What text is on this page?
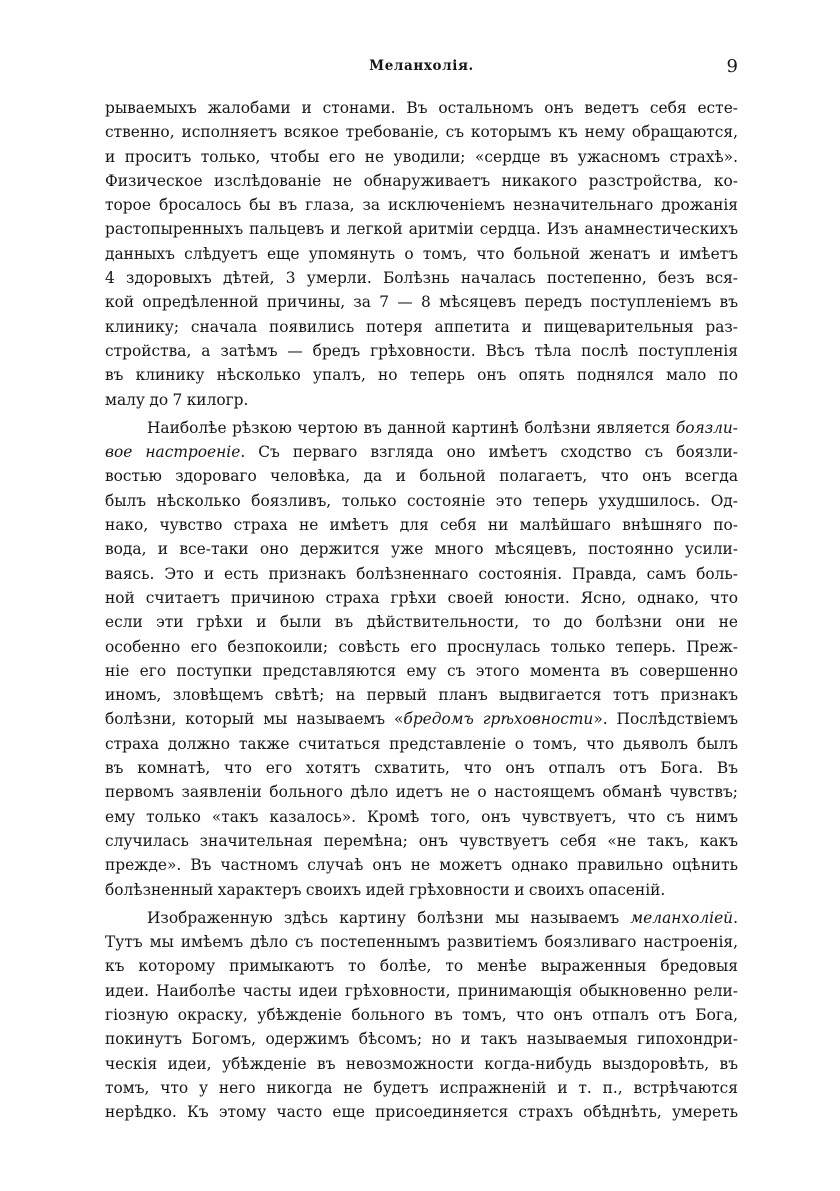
Меланхолія.	9

рываемыхъ жалобами и стонами. Въ остальномъ онъ ведетъ себя есте-
ственно, исполняетъ всякое требованіе, съ которымъ къ нему обращаются,
и проситъ только, чтобы его не уводили; «сердце въ ужасномъ страхѣ».
Физическое изслѣдованіе не обнаруживаетъ никакого разстройства, ко-
торое бросалось бы въ глаза, за исключеніемъ незначительнаго дрожанія
растопыренныхъ пальцевъ и легкой аритміи сердца. Изъ анамнестическихъ
данныхъ слѣдуетъ еще упомянуть о томъ, что больной женатъ и имѣетъ
4 здоровыхъ дѣтей, 3 умерли. Болѣзнь началась постепенно, безъ вся-
кой опредѣленной причины, за 7 — 8 мѣсяцевъ передъ поступленіемъ въ
клинику; сначала появились потеря аппетита и пищеварительныя раз-
стройства, а затѣмъ — бредъ грѣховности. Вѣсъ тѣла послѣ поступленія
въ клинику нѣсколько упалъ, но теперь онъ опять поднялся мало по
малу до 7 килогр.

Наиболѣе рѣзкою чертою въ данной картинѣ болѣзни является боязли-
вое настроеніе. Съ перваго взгляда оно имѣетъ сходство съ боязли-
востью здороваго человѣка, да и больной полагаетъ, что онъ всегда
былъ нѣсколько боязливъ, только состояніе это теперь ухудшилось. Од-
нако, чувство страха не имѣетъ для себя ни малѣйшаго внѣшняго по-
вода, и все-таки оно держится уже много мѣсяцевъ, постоянно усили-
ваясь. Это и есть признакъ болѣзненнаго состоянія. Правда, самъ боль-
ной считаетъ причиною страха грѣхи своей юности. Ясно, однако, что
если эти грѣхи и были въ дѣйствительности, то до болѣзни они не
особенно его безпокоили; совѣсть его проснулась только теперь. Преж-
ніе его поступки представляются ему съ этого момента въ совершенно
иномъ, зловѣщемъ свѣтѣ; на первый планъ выдвигается тотъ признакъ
болѣзни, который мы называемъ «бредомъ грѣховности». Послѣдствіемъ
страха должно также считаться представленіе о томъ, что дьяволъ былъ
въ комнатѣ, что его хотятъ схватить, что онъ отпалъ отъ Бога. Въ
первомъ заявленіи больного дѣло идетъ не о настоящемъ обманѣ чувствъ;
ему только «такъ казалось». Кромѣ того, онъ чувствуетъ, что съ нимъ
случилась значительная перемѣна; онъ чувствуетъ себя «не такъ, какъ
прежде». Въ частномъ случаѣ онъ не можетъ однако правильно оцѣнить
болѣзненный характеръ своихъ идей грѣховности и своихъ опасеній.

Изображенную здѣсь картину болѣзни мы называемъ меланхоліей.
Тутъ мы имѣемъ дѣло съ постепеннымъ развитіемъ боязливаго настроенія,
къ которому примыкаютъ то болѣе, то менѣе выраженныя бредовыя
идеи. Наиболѣе часты идеи грѣховности, принимающія обыкновенно рели-
гіозную окраску, убѣжденіе больного въ томъ, что онъ отпалъ отъ Бога,
покинутъ Богомъ, одержимъ бѣсомъ; но и такъ называемыя гипохондри-
ческія идеи, убѣжденіе въ невозможности когда-нибудь выздоровѣть, въ
томъ, что у него никогда не будетъ испражненій и т. п., встрѣчаются
нерѣдко. Къ этому часто еще присоединяется страхъ обѣднѣть, умереть
